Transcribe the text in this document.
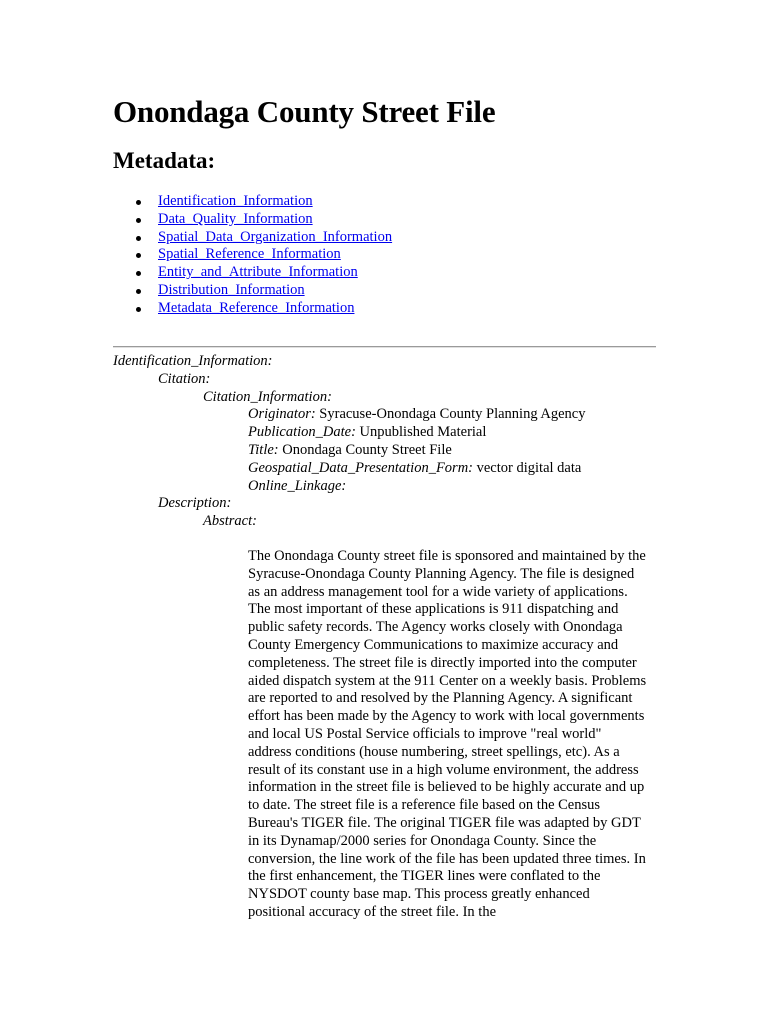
Onondaga County Street File
Metadata:
Identification_Information
Data_Quality_Information
Spatial_Data_Organization_Information
Spatial_Reference_Information
Entity_and_Attribute_Information
Distribution_Information
Metadata_Reference_Information
Identification_Information:
Citation:
Citation_Information:
Originator: Syracuse-Onondaga County Planning Agency
Publication_Date: Unpublished Material
Title: Onondaga County Street File
Geospatial_Data_Presentation_Form: vector digital data
Online_Linkage:
Description:
Abstract:
The Onondaga County street file is sponsored and maintained by the Syracuse-Onondaga County Planning Agency. The file is designed as an address management tool for a wide variety of applications. The most important of these applications is 911 dispatching and public safety records. The Agency works closely with Onondaga County Emergency Communications to maximize accuracy and completeness. The street file is directly imported into the computer aided dispatch system at the 911 Center on a weekly basis. Problems are reported to and resolved by the Planning Agency. A significant effort has been made by the Agency to work with local governments and local US Postal Service officials to improve "real world" address conditions (house numbering, street spellings, etc). As a result of its constant use in a high volume environment, the address information in the street file is believed to be highly accurate and up to date. The street file is a reference file based on the Census Bureau's TIGER file. The original TIGER file was adapted by GDT in its Dynamap/2000 series for Onondaga County. Since the conversion, the line work of the file has been updated three times. In the first enhancement, the TIGER lines were conflated to the NYSDOT county base map. This process greatly enhanced positional accuracy of the street file. In the
